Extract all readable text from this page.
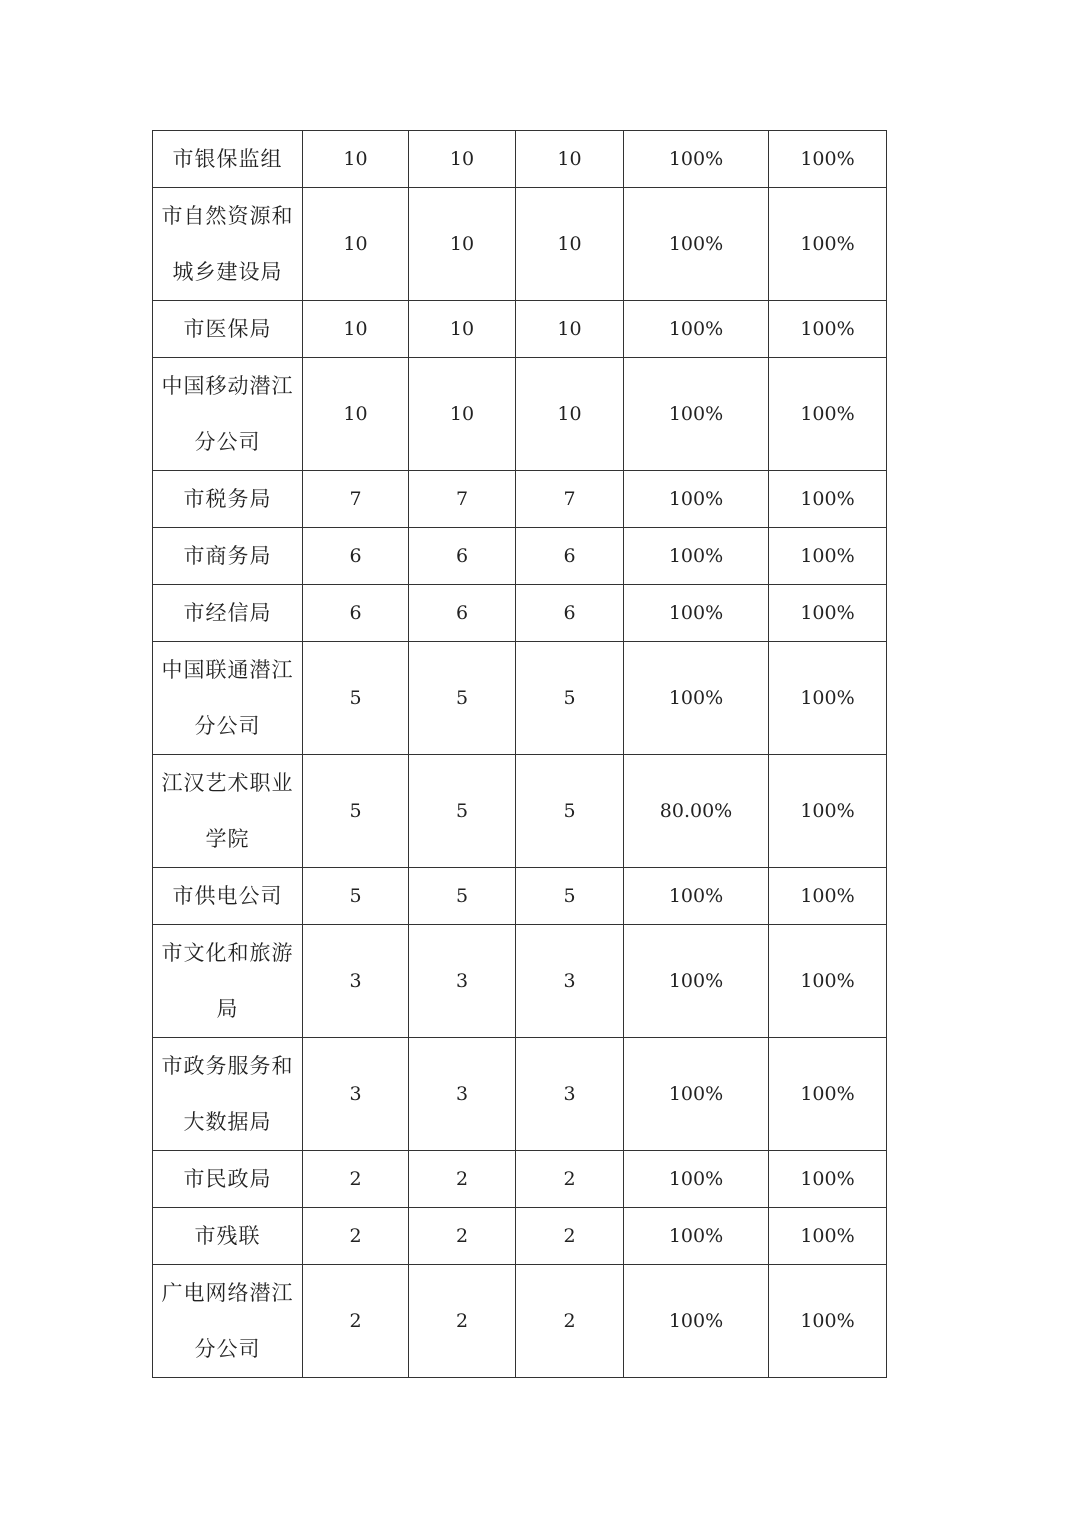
市银保监组	10	10	10	100%	100%
市自然资源和
城乡建设局	10	10	10	100%	100%
市医保局	10	10	10	100%	100%
中国移动潜江
分公司	10	10	10	100%	100%
市税务局	7	7	7	100%	100%
市商务局	6	6	6	100%	100%
市经信局	6	6	6	100%	100%
中国联通潜江
分公司	5	5	5	100%	100%
江汉艺术职业
学院	5	5	5	80.00%	100%
市供电公司	5	5	5	100%	100%
市文化和旅游
局	3	3	3	100%	100%
市政务服务和
大数据局	3	3	3	100%	100%
市民政局	2	2	2	100%	100%
市残联	2	2	2	100%	100%
广电网络潜江
分公司	2	2	2	100%	100%
